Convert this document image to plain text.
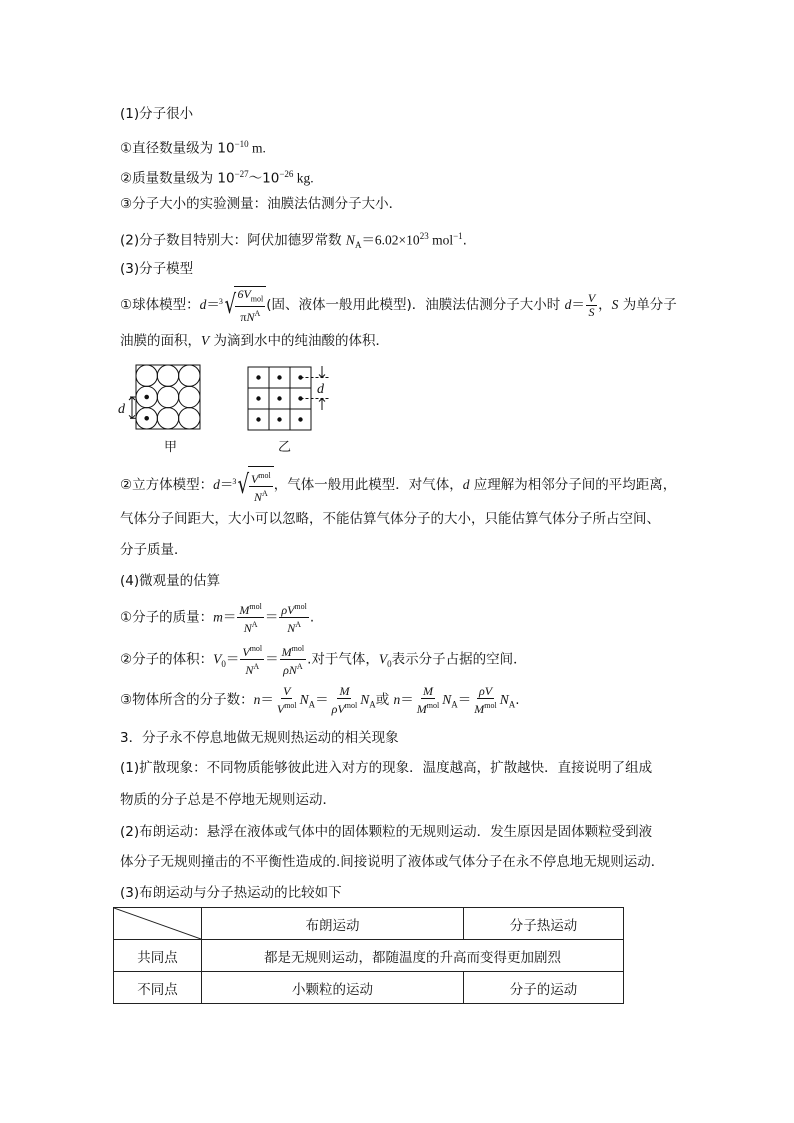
(1)分子很小
①直径数量级为 $10^{-10}$ m.
②质量数量级为 $10^{-27}\sim 10^{-26}$ kg.
③分子大小的实验测量：油膜法估测分子大小．
(2)分子数目特别大：阿伏加德罗常数 $N_A=6.02\times 10^{23}$ mol$^{-1}$.
(3)分子模型
①球体模型：d＝ 3 √ $\frac{6V_{mol}}{\pi N^A}$ (固、液体一般用此模型)．油膜法估测分子大小时 $d= \frac{V}{S}$ ，S 为单分子
油膜的面积，V 为滴到水中的纯油酸的体积．
d
d
甲	乙
②立方体模型：d＝ 3 √ $\frac{V^{mol}}{N^A}$ ，气体一般用此模型．对气体，d 应理解为相邻分子间的平均距离，
气体分子间距大，大小可以忽略，不能估算气体分子的大小，只能估算气体分子所占空间、
分子质量．
(4)微观量的估算
①分子的质量：$m= \frac{M^{mol}}{N^A} = \frac{\rho V^{mol}}{N^A}$ .
②分子的体积：$V_0= \frac{V^{mol}}{N^A} = \frac{M^{mol}}{\rho N^A}$ .对于气体，$V_0$表示分子占据的空间．
③物体所含的分子数：$n= \frac{V}{V^{mol}} N_A= \frac{M}{\rho V^{mol}} N_A$或 $n= \frac{M}{M^{mol}} N_A= \frac{\rho V}{M^{mol}} N_A$.
3．分子永不停息地做无规则热运动的相关现象
(1)扩散现象：不同物质能够彼此进入对方的现象．温度越高，扩散越快．直接说明了组成
物质的分子总是不停地无规则运动．
(2)布朗运动：悬浮在液体或气体中的固体颗粒的无规则运动．发生原因是固体颗粒受到液
体分子无规则撞击的不平衡性造成的.间接说明了液体或气体分子在永不停息地无规则运动．
(3)布朗运动与分子热运动的比较如下
	布朗运动	分子热运动
共同点	都是无规则运动，都随温度的升高而变得更加剧烈	
不同点	小颗粒的运动	分子的运动
